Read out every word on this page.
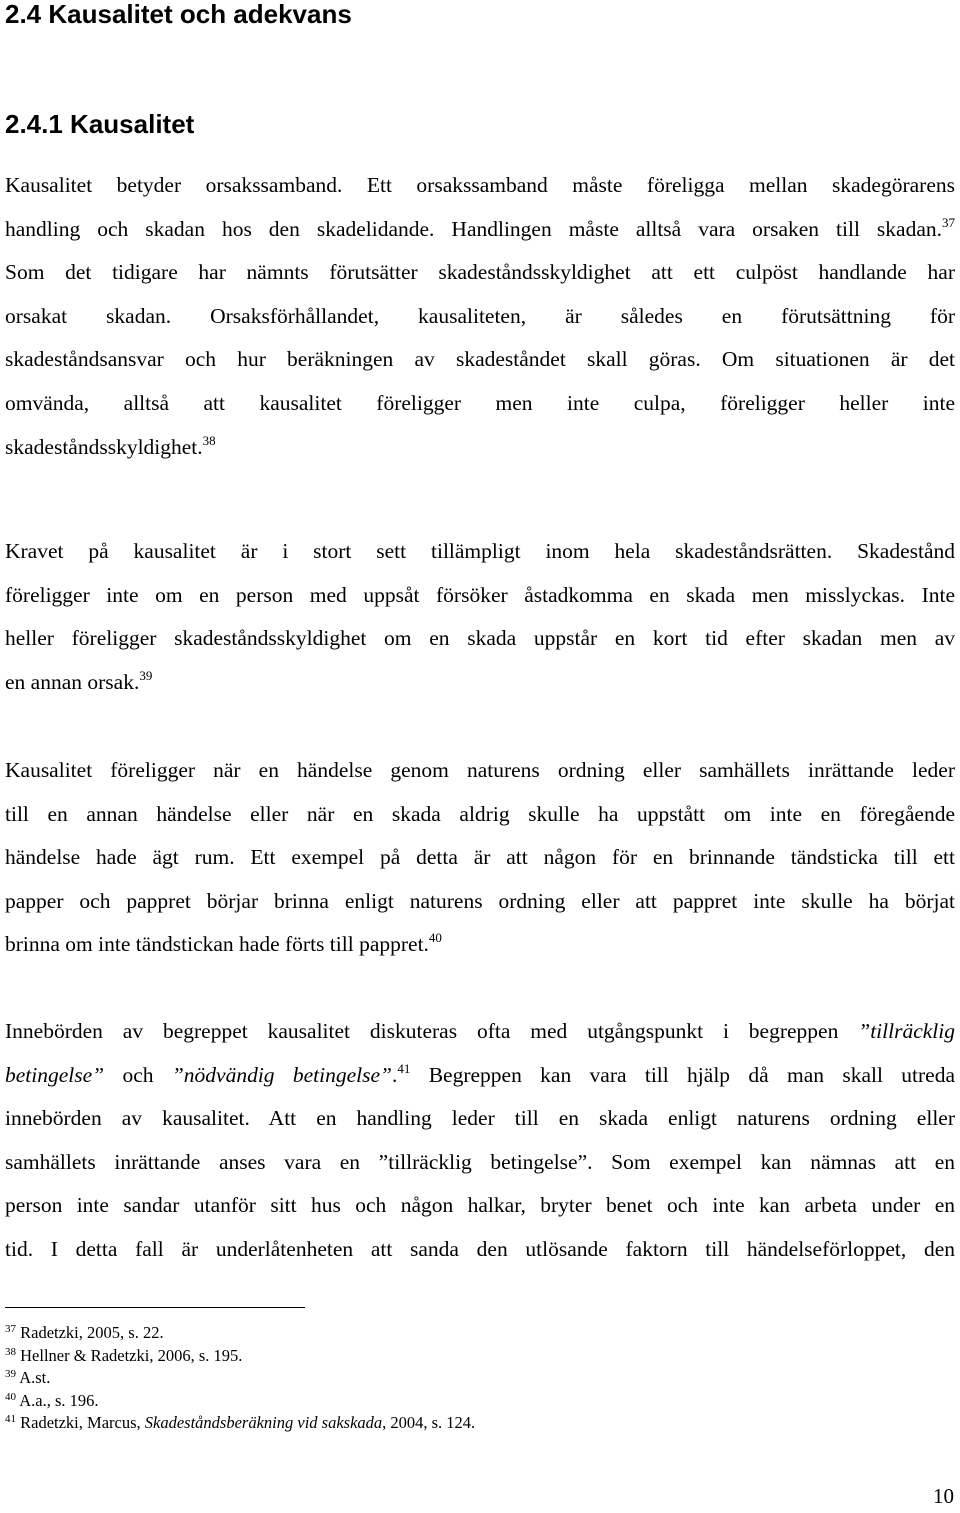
2.4 Kausalitet och adekvans
2.4.1 Kausalitet
Kausalitet betyder orsakssamband. Ett orsakssamband måste föreligga mellan skadegörarens
handling och skadan hos den skadelidande. Handlingen måste alltså vara orsaken till skadan.$^{37}$
Som det tidigare har nämnts förutsätter skadeståndsskyldighet att ett culpöst handlande har
orsakat skadan. Orsaksförhållandet, kausaliteten, är således en förutsättning för
skadeståndsansvar och hur beräkningen av skadeståndet skall göras. Om situationen är det
omvända, alltså att kausalitet föreligger men inte culpa, föreligger heller inte
skadeståndsskyldighet.$^{38}$
Kravet på kausalitet är i stort sett tillämpligt inom hela skadeståndsrätten. Skadestånd
föreligger inte om en person med uppsåt försöker åstadkomma en skada men misslyckas. Inte
heller föreligger skadeståndsskyldighet om en skada uppstår en kort tid efter skadan men av
en annan orsak.$^{39}$
Kausalitet föreligger när en händelse genom naturens ordning eller samhällets inrättande leder
till en annan händelse eller när en skada aldrig skulle ha uppstått om inte en föregående
händelse hade ägt rum. Ett exempel på detta är att någon för en brinnande tändsticka till ett
papper och pappret börjar brinna enligt naturens ordning eller att pappret inte skulle ha börjat
brinna om inte tändstickan hade förts till pappret.$^{40}$
Innebörden av begreppet kausalitet diskuteras ofta med utgångspunkt i begreppen ”tillräcklig
betingelse” och ”nödvändig betingelse”.$^{41}$ Begreppen kan vara till hjälp då man skall utreda
innebörden av kausalitet. Att en handling leder till en skada enligt naturens ordning eller
samhällets inrättande anses vara en ”tillräcklig betingelse”. Som exempel kan nämnas att en
person inte sandar utanför sitt hus och någon halkar, bryter benet och inte kan arbeta under en
tid. I detta fall är underlåtenheten att sanda den utlösande faktorn till händelseförloppet, den
$^{37}$ Radetzki, 2005, s. 22.
$^{38}$ Hellner & Radetzki, 2006, s. 195.
$^{39}$ A.st.
$^{40}$ A.a., s. 196.
$^{41}$ Radetzki, Marcus, Skadeståndsberäkning vid sakskada, 2004, s. 124.
10
